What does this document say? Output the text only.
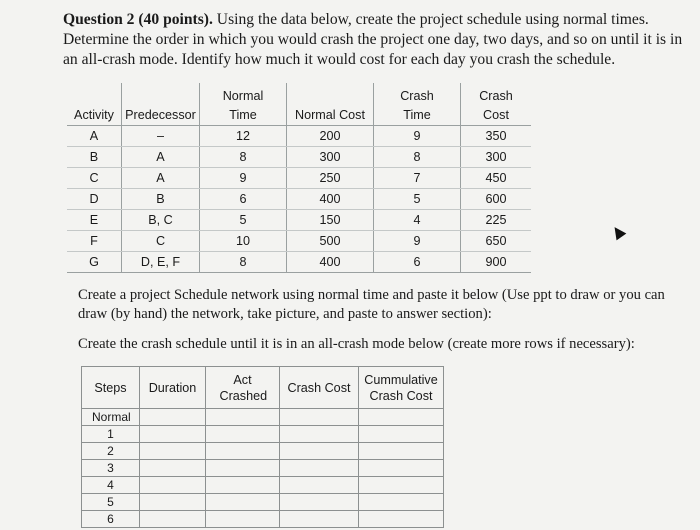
Question 2 (40 points). Using the data below, create the project schedule using normal times. Determine the order in which you would crash the project one day, two days, and so on until it is in an all-crash mode. Identify how much it would cost for each day you crash the schedule.
Activity	Predecessor	Normal Time	Normal Cost	Crash Time	Crash Cost
A	–	12	200	9	350
B	A	8	300	8	300
C	A	9	250	7	450
D	B	6	400	5	600
E	B, C	5	150	4	225
F	C	10	500	9	650
G	D, E, F	8	400	6	900
Create a project Schedule network using normal time and paste it below (Use ppt to draw or you can draw (by hand) the network, take picture, and paste to answer section):
Create the crash schedule until it is in an all-crash mode below (create more rows if necessary):
Steps	Duration	Act Crashed	Crash Cost	Cummulative Crash Cost
Normal				
1				
2				
3				
4				
5				
6				
